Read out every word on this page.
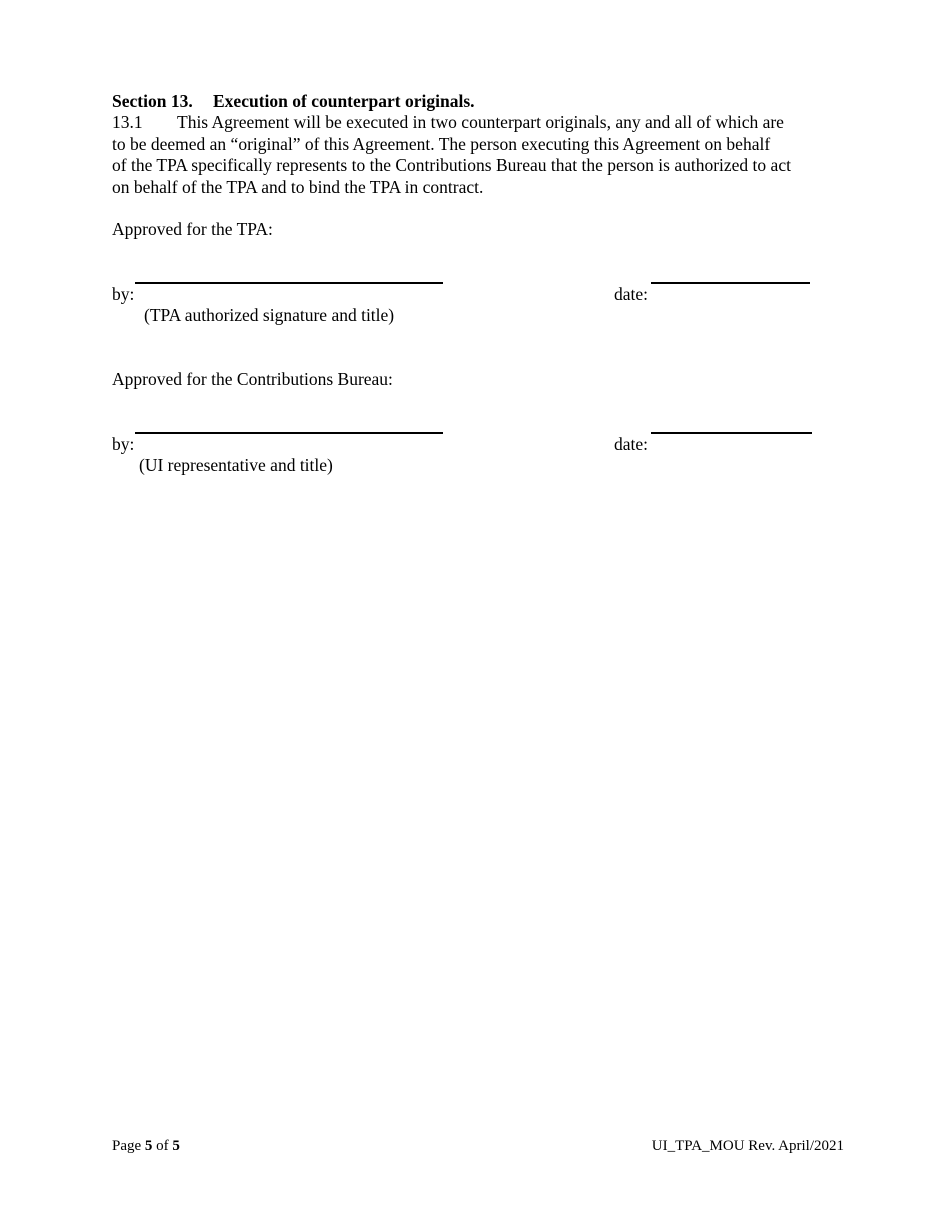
Section 13. Execution of counterpart originals.
13.1 This Agreement will be executed in two counterpart originals, any and all of which are
to be deemed an “original” of this Agreement. The person executing this Agreement on behalf
of the TPA specifically represents to the Contributions Bureau that the person is authorized to act
on behalf of the TPA and to bind the TPA in contract.
Approved for the TPA:
by:	date:
(TPA authorized signature and title)
Approved for the Contributions Bureau:
by:	date:
(UI representative and title)
Page 5 of 5	UI_TPA_MOU Rev. April/2021
